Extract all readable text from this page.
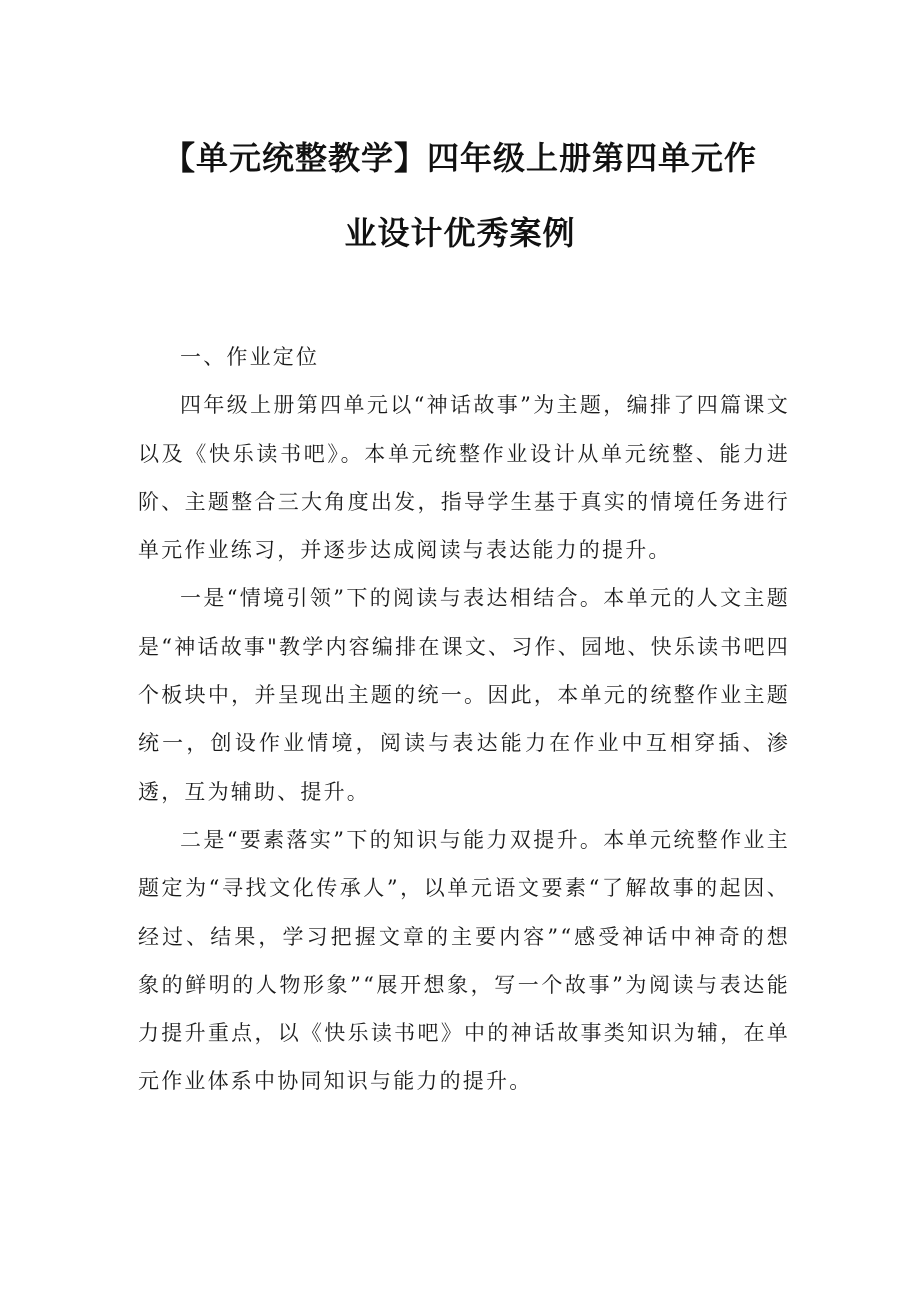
【单元统整教学】四年级上册第四单元作
业设计优秀案例

一、作业定位

四年级上册第四单元以“神话故事”为主题，编排了四篇课文以及《快乐读书吧》。本单元统整作业设计从单元统整、能力进阶、主题整合三大角度出发，指导学生基于真实的情境任务进行单元作业练习，并逐步达成阅读与表达能力的提升。

一是“情境引领”下的阅读与表达相结合。本单元的人文主题是“神话故事"教学内容编排在课文、习作、园地、快乐读书吧四个板块中，并呈现出主题的统一。因此，本单元的统整作业主题统一，创设作业情境，阅读与表达能力在作业中互相穿插、渗透，互为辅助、提升。

二是“要素落实”下的知识与能力双提升。本单元统整作业主题定为“寻找文化传承人”，以单元语文要素“了解故事的起因、经过、结果，学习把握文章的主要内容”“感受神话中神奇的想象的鲜明的人物形象”“展开想象，写一个故事”为阅读与表达能力提升重点，以《快乐读书吧》中的神话故事类知识为辅，在单元作业体系中协同知识与能力的提升。
